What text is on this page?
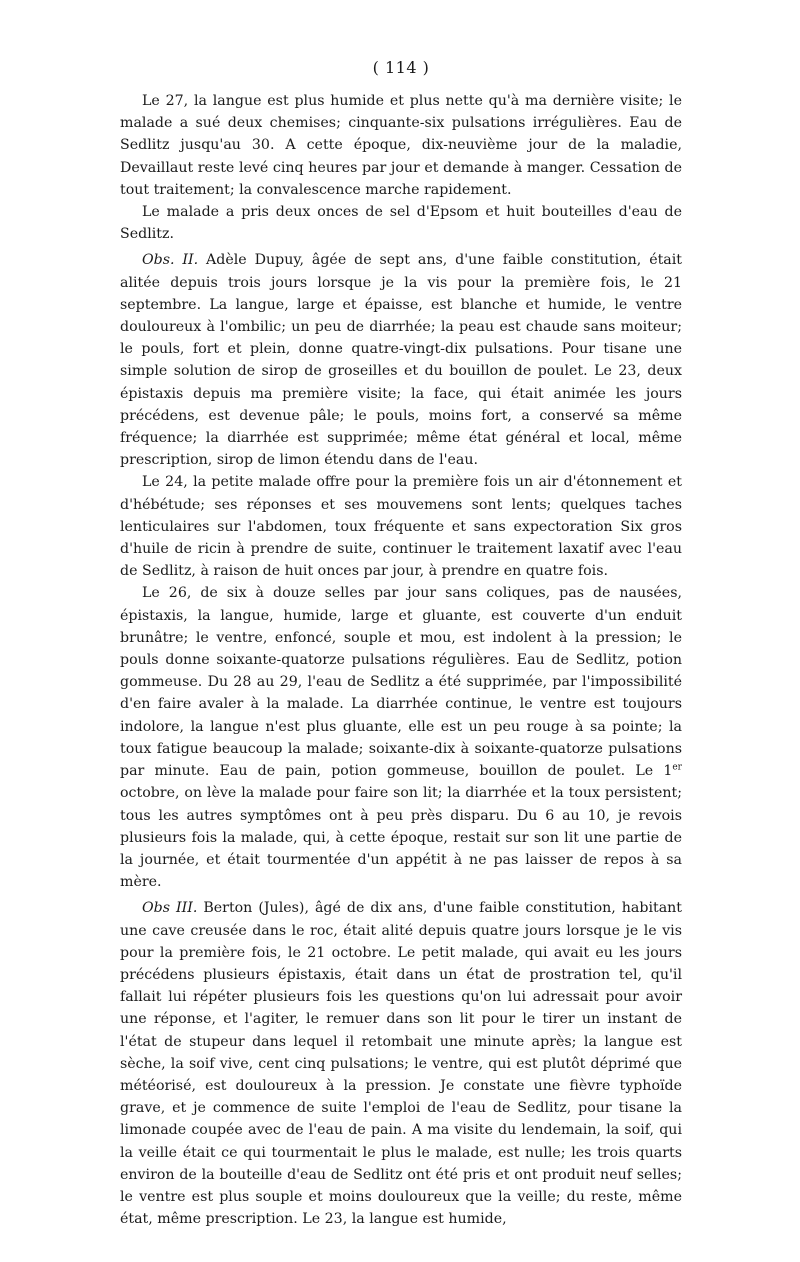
( 114 )

Le 27, la langue est plus humide et plus nette qu'à ma dernière visite; le malade a sué deux chemises; cinquante-six pulsations irrégulières. Eau de Sedlitz jusqu'au 30. A cette époque, dix-neuvième jour de la maladie, Devaillaut reste levé cinq heures par jour et demande à manger. Cessation de tout traitement; la convalescence marche rapidement.

Le malade a pris deux onces de sel d'Epsom et huit bouteilles d'eau de Sedlitz.

Obs. II. Adèle Dupuy, âgée de sept ans, d'une faible constitution, était alitée depuis trois jours lorsque je la vis pour la première fois, le 21 septembre. La langue, large et épaisse, est blanche et humide, le ventre douloureux à l'ombilic; un peu de diarrhée; la peau est chaude sans moiteur; le pouls, fort et plein, donne quatre-vingt-dix pulsations. Pour tisane une simple solution de sirop de groseilles et du bouillon de poulet. Le 23, deux épistaxis depuis ma première visite; la face, qui était animée les jours précédens, est devenue pâle; le pouls, moins fort, a conservé sa même fréquence; la diarrhée est supprimée; même état général et local, même prescription, sirop de limon étendu dans de l'eau.

Le 24, la petite malade offre pour la première fois un air d'étonnement et d'hébétude; ses réponses et ses mouvemens sont lents; quelques taches lenticulaires sur l'abdomen, toux fréquente et sans expectoration Six gros d'huile de ricin à prendre de suite, continuer le traitement laxatif avec l'eau de Sedlitz, à raison de huit onces par jour, à prendre en quatre fois.

Le 26, de six à douze selles par jour sans coliques, pas de nausées, épistaxis, la langue, humide, large et gluante, est couverte d'un enduit brunâtre; le ventre, enfoncé, souple et mou, est indolent à la pression; le pouls donne soixante-quatorze pulsations régulières. Eau de Sedlitz, potion gommeuse. Du 28 au 29, l'eau de Sedlitz a été supprimée, par l'impossibilité d'en faire avaler à la malade. La diarrhée continue, le ventre est toujours indolore, la langue n'est plus gluante, elle est un peu rouge à sa pointe; la toux fatigue beaucoup la malade; soixante-dix à soixante-quatorze pulsations par minute. Eau de pain, potion gommeuse, bouillon de poulet. Le 1er octobre, on lève la malade pour faire son lit; la diarrhée et la toux persistent; tous les autres symptômes ont à peu près disparu. Du 6 au 10, je revois plusieurs fois la malade, qui, à cette époque, restait sur son lit une partie de la journée, et était tourmentée d'un appétit à ne pas laisser de repos à sa mère.

Obs III. Berton (Jules), âgé de dix ans, d'une faible constitution, habitant une cave creusée dans le roc, était alité depuis quatre jours lorsque je le vis pour la première fois, le 21 octobre. Le petit malade, qui avait eu les jours précédens plusieurs épistaxis, était dans un état de prostration tel, qu'il fallait lui répéter plusieurs fois les questions qu'on lui adressait pour avoir une réponse, et l'agiter, le remuer dans son lit pour le tirer un instant de l'état de stupeur dans lequel il retombait une minute après; la langue est sèche, la soif vive, cent cinq pulsations; le ventre, qui est plutôt déprimé que météorisé, est douloureux à la pression. Je constate une fièvre typhoïde grave, et je commence de suite l'emploi de l'eau de Sedlitz, pour tisane la limonade coupée avec de l'eau de pain. A ma visite du lendemain, la soif, qui la veille était ce qui tourmentait le plus le malade, est nulle; les trois quarts environ de la bouteille d'eau de Sedlitz ont été pris et ont produit neuf selles; le ventre est plus souple et moins douloureux que la veille; du reste, même état, même prescription. Le 23, la langue est humide,
